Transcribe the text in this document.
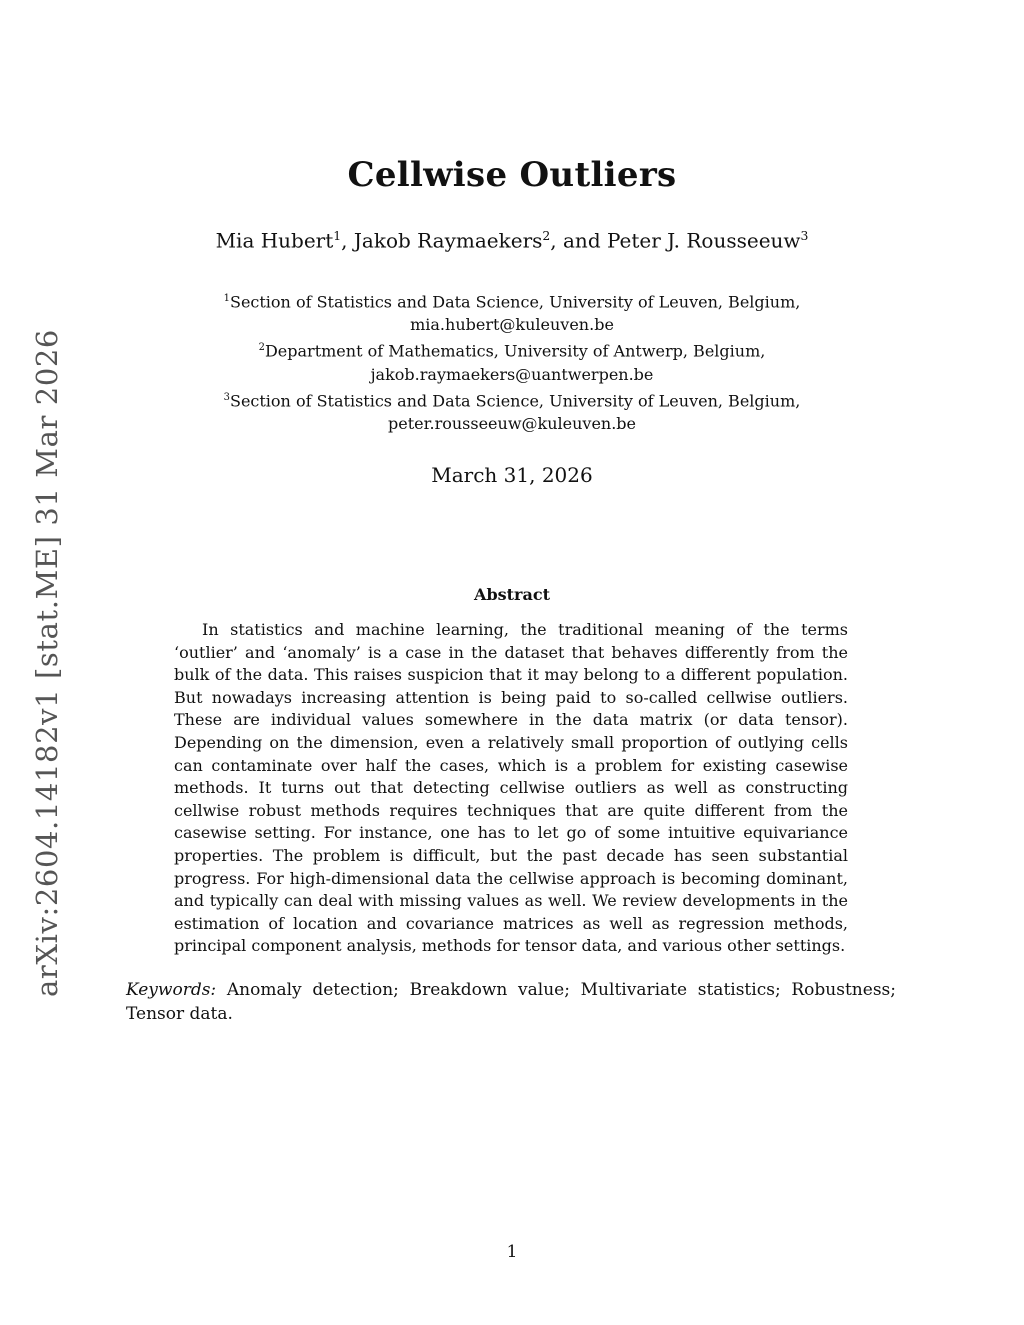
arXiv:2604.14182v1 [stat.ME] 31 Mar 2026
Cellwise Outliers
Mia Hubert$^1$, Jakob Raymaekers$^2$, and Peter J. Rousseeuw$^3$
$^1$Section of Statistics and Data Science, University of Leuven, Belgium,
mia.hubert@kuleuven.be
$^2$Department of Mathematics, University of Antwerp, Belgium,
jakob.raymaekers@uantwerpen.be
$^3$Section of Statistics and Data Science, University of Leuven, Belgium,
peter.rousseeuw@kuleuven.be
March 31, 2026
Abstract
In statistics and machine learning, the traditional meaning of the terms ‘outlier’ and ‘anomaly’ is a case in the dataset that behaves differently from the bulk of the data. This raises suspicion that it may belong to a different population. But nowadays increasing attention is being paid to so-called cellwise outliers. These are individual values somewhere in the data matrix (or data tensor). Depending on the dimension, even a relatively small proportion of outlying cells can contaminate over half the cases, which is a problem for existing casewise methods. It turns out that detecting cellwise outliers as well as constructing cellwise robust methods requires techniques that are quite different from the casewise setting. For instance, one has to let go of some intuitive equivariance properties. The problem is difficult, but the past decade has seen substantial progress. For high-dimensional data the cellwise approach is becoming dominant, and typically can deal with missing values as well. We review developments in the estimation of location and covariance matrices as well as regression methods, principal component analysis, methods for tensor data, and various other settings.
Keywords: Anomaly detection; Breakdown value; Multivariate statistics; Robustness; Tensor data.
1
